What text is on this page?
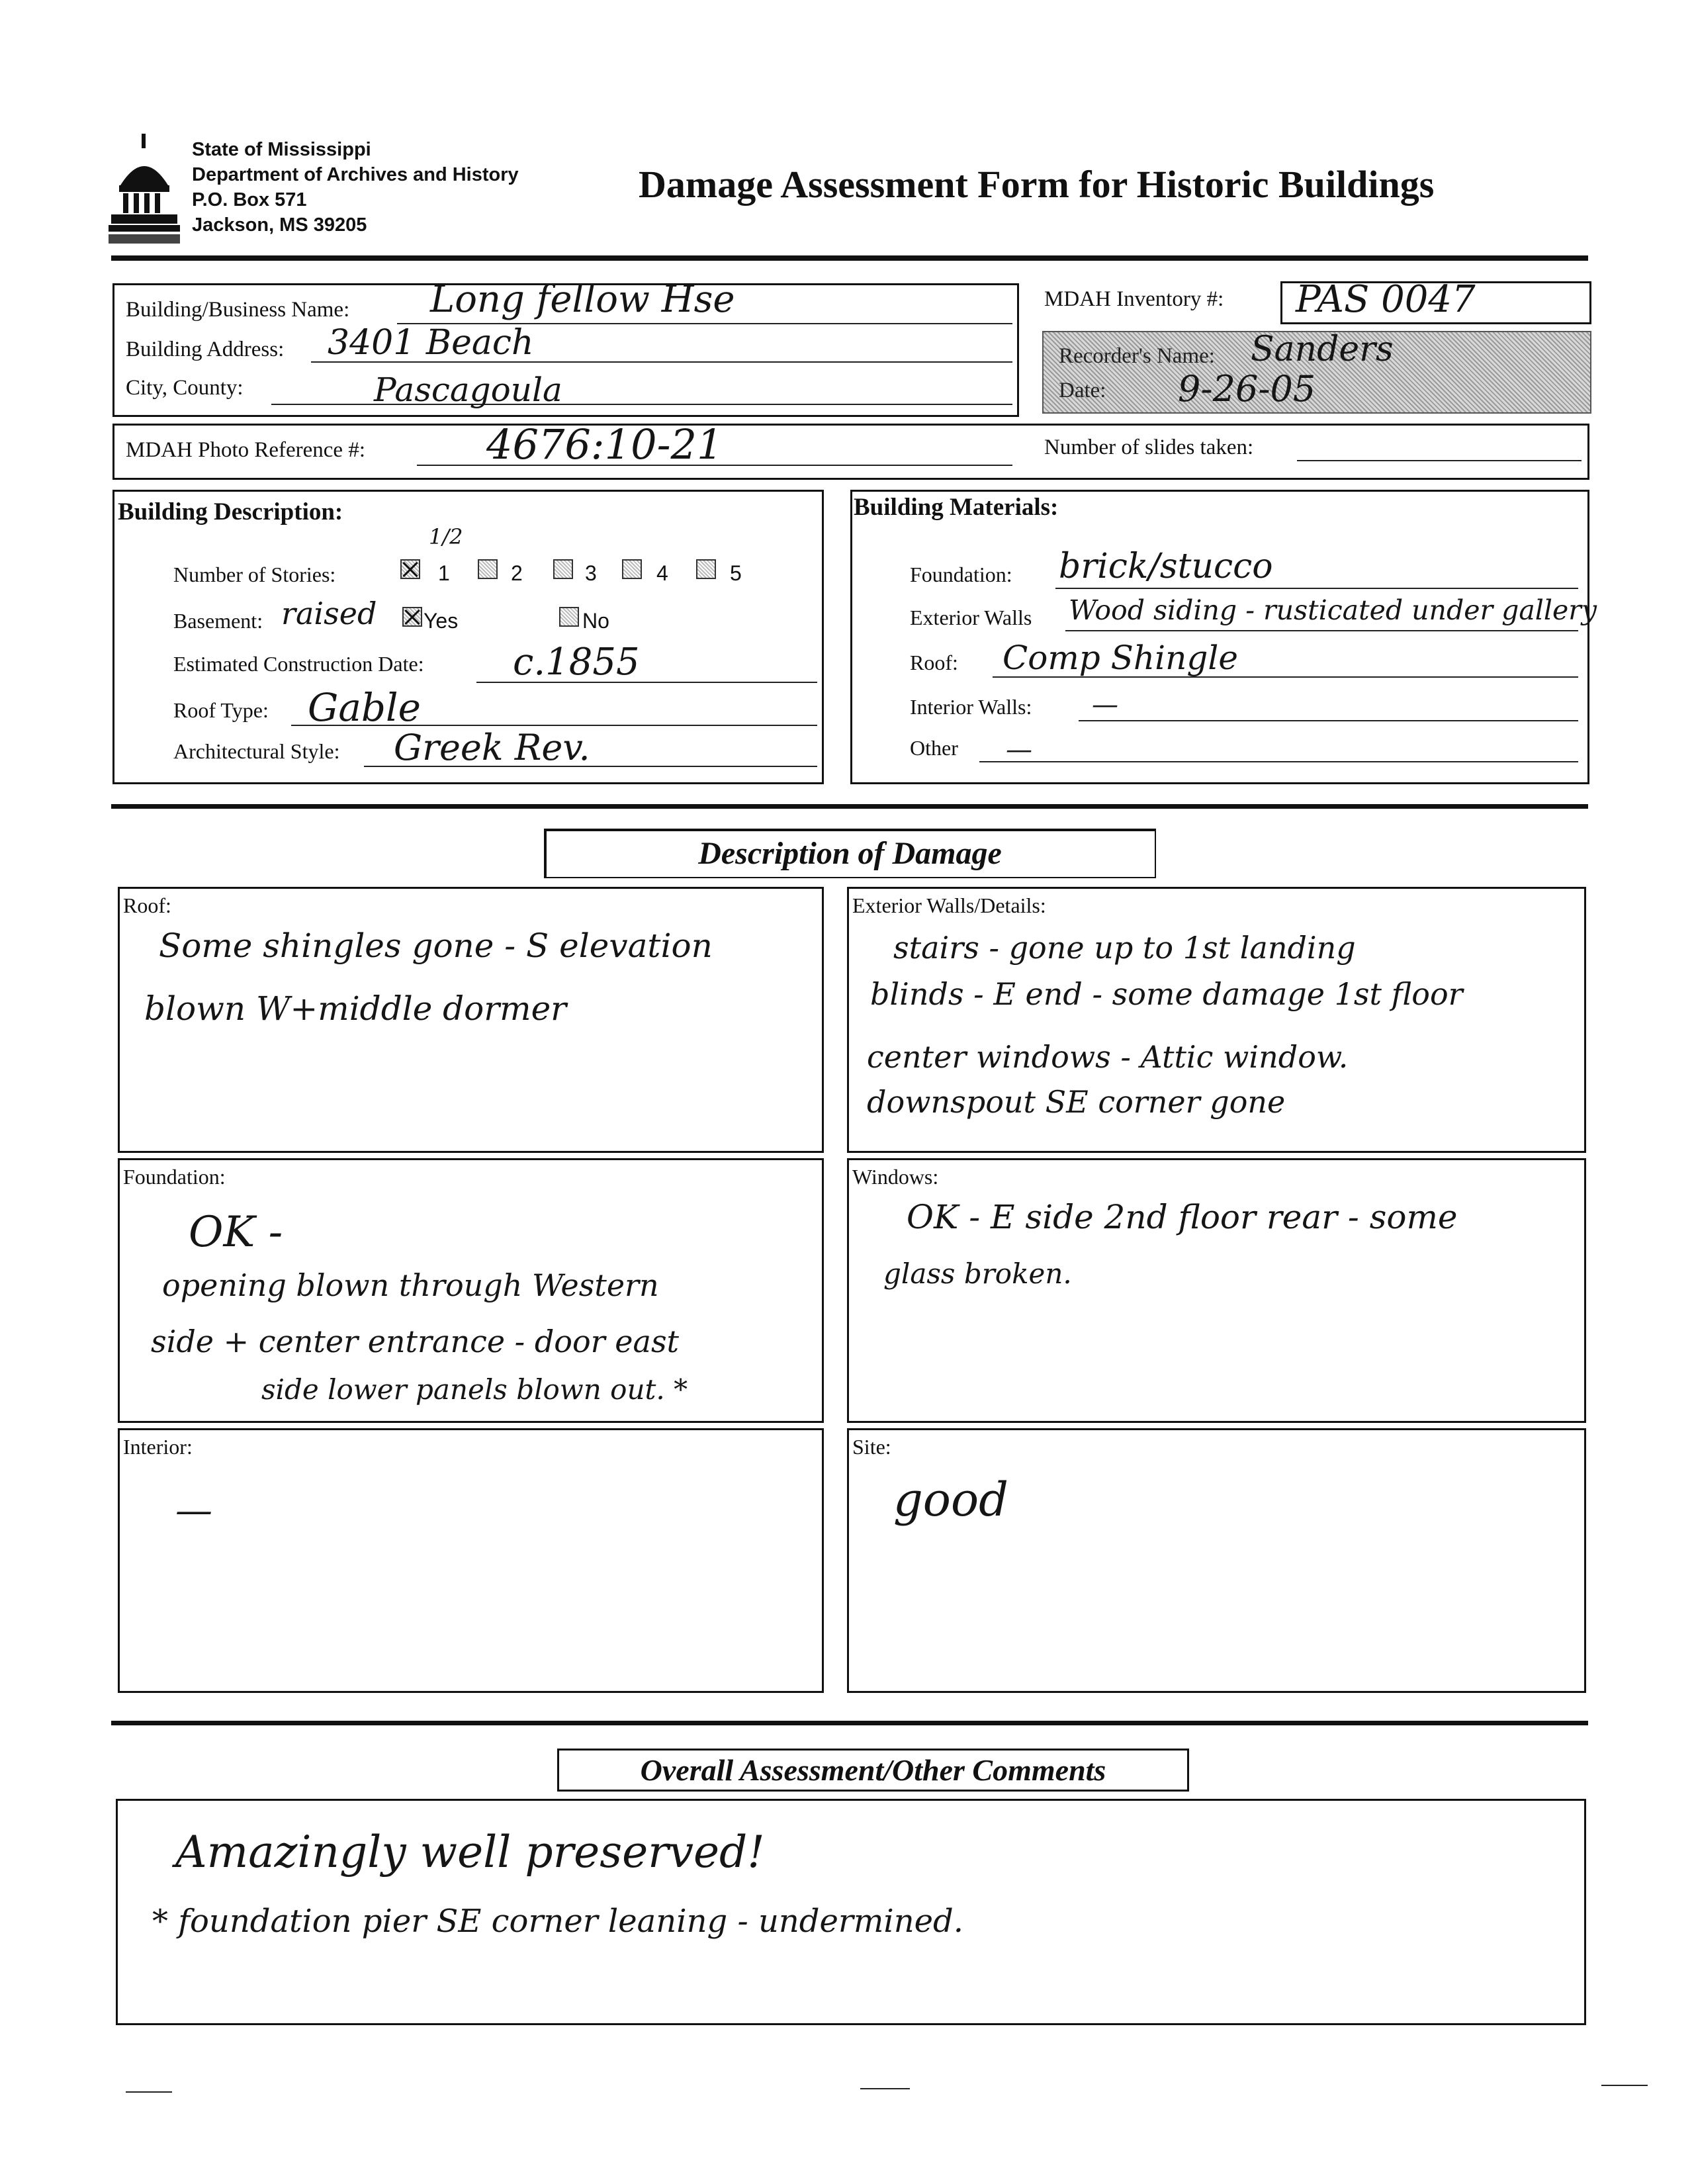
State of Mississippi
Department of Archives and History
P.O. Box 571
Jackson, MS 39205
Damage Assessment Form for Historic Buildings
Building/Business Name: Long fellow Hse
Building Address: 3401 Beach
City, County:	Pascagoula
MDAH Inventory #: PAS 0047
Recorder's Name: Sanders
Date: 9-26-05
MDAH Photo Reference #:	4676:10-21	Number of slides taken:
Building Description:
1/2
Number of Stories:	1	2	3	4	5
Basement: raised Yes	No
Estimated Construction Date: c.1855
Roof Type: Gable
Architectural Style: Greek Rev.
Building Materials:
Foundation: brick/stucco
Exterior Walls Wood siding - rusticated under gallery
Roof: Comp Shingle
Interior Walls: —
Other —
Description of Damage
Roof:
Some shingles gone - S elevation
blown W+middle dormer
Exterior Walls/Details:
stairs - gone up to 1st landing
blinds - E end - some damage 1st floor
center windows - Attic window.
downspout SE corner gone
Foundation:
OK -
opening blown through Western
side + center entrance - door east
side lower panels blown out. *
Windows:
OK - E side 2nd floor rear - some
glass broken.
Interior:
—
Site:
good
Overall Assessment/Other Comments
Amazingly well preserved!
* foundation pier SE corner leaning - undermined.
